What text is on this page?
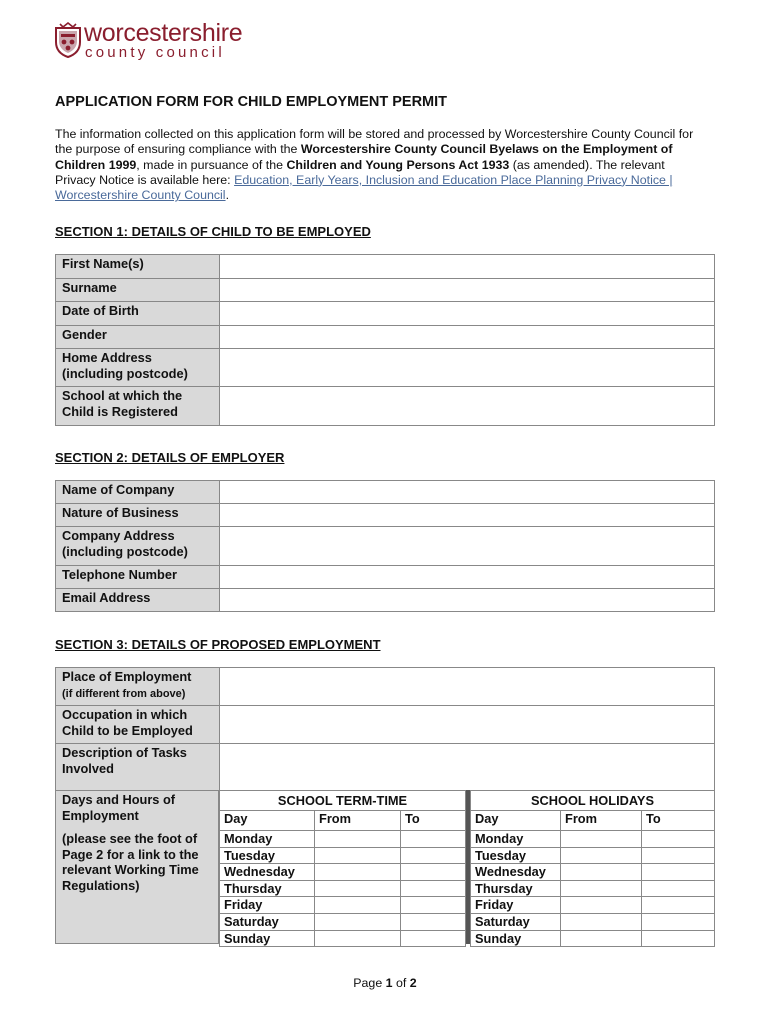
worcestershire
county council
APPLICATION FORM FOR CHILD EMPLOYMENT PERMIT
The information collected on this application form will be stored and processed by Worcestershire County Council for the purpose of ensuring compliance with the Worcestershire County Council Byelaws on the Employment of Children 1999, made in pursuance of the Children and Young Persons Act 1933 (as amended). The relevant Privacy Notice is available here: Education, Early Years, Inclusion and Education Place Planning Privacy Notice | Worcestershire County Council.
SECTION 1: DETAILS OF CHILD TO BE EMPLOYED
First Name(s)	
Surname	
Date of Birth	
Gender	
Home Address (including postcode)	
School at which the Child is Registered	
SECTION 2: DETAILS OF EMPLOYER
Name of Company	
Nature of Business	
Company Address (including postcode)	
Telephone Number	
Email Address	
SECTION 3: DETAILS OF PROPOSED EMPLOYMENT
Place of Employment
(if different from above)	
Occupation in which Child to be Employed	
Description of Tasks Involved	
Days and Hours of Employment
(please see the foot of Page 2 for a link to the relevant Working Time Regulations)
SCHOOL TERM-TIME		
Day	From	To
Monday		
Tuesday		
Wednesday		
Thursday		
Friday		
Saturday		
Sunday		
SCHOOL HOLIDAYS		
Day	From	To
Monday		
Tuesday		
Wednesday		
Thursday		
Friday		
Saturday		
Sunday		
Page 1 of 2
